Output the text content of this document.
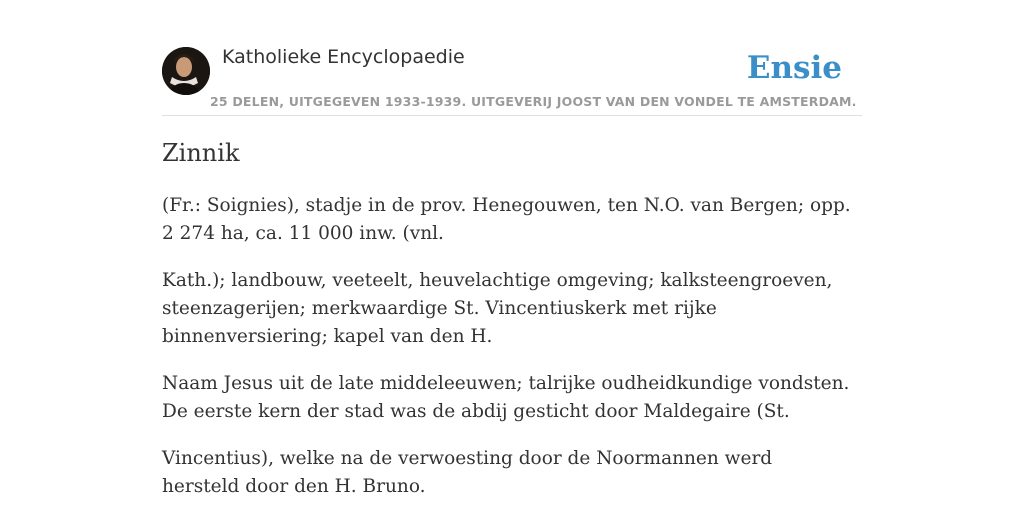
Katholieke Encyclopaedie
25 DELEN, UITGEGEVEN 1933-1939. UITGEVERIJ JOOST VAN DEN VONDEL TE AMSTERDAM.
Ensie
Zinnik

(Fr.: Soignies), stadje in de prov. Henegouwen, ten N.O. van Bergen; opp. 2 274 ha, ca. 11 000 inw. (vnl.

Kath.); landbouw, veeteelt, heuvelachtige omgeving; kalksteengroeven, steenzagerijen; merkwaardige St. Vincentiuskerk met rijke binnenversiering; kapel van den H.

Naam Jesus uit de late middeleeuwen; talrijke oudheidkundige vondsten. De eerste kern der stad was de abdij gesticht door Maldegaire (St.

Vincentius), welke na de verwoesting door de Noormannen werd hersteld door den H. Bruno.
